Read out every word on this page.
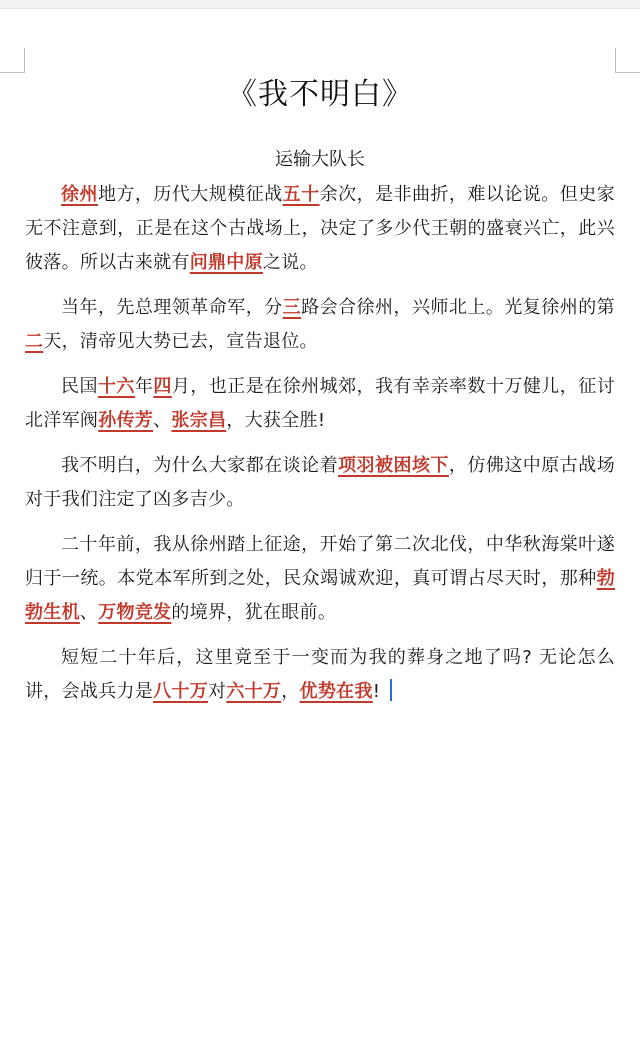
《我不明白》
运输大队长

徐州地方，历代大规模征战五十余次，是非曲折，难以论说。但史家无不注意到，正是在这个古战场上，决定了多少代王朝的盛衰兴亡，此兴彼落。所以古来就有问鼎中原之说。

当年，先总理领革命军，分三路会合徐州，兴师北上。光复徐州的第二天，清帝见大势已去，宣告退位。

民国十六年四月，也正是在徐州城郊，我有幸亲率数十万健儿，征讨北洋军阀孙传芳、张宗昌，大获全胜!

我不明白，为什么大家都在谈论着项羽被困垓下，仿佛这中原古战场对于我们注定了凶多吉少。

二十年前，我从徐州踏上征途，开始了第二次北伐，中华秋海棠叶遂归于一统。本党本军所到之处，民众竭诚欢迎，真可谓占尽天时，那种勃勃生机、万物竞发的境界，犹在眼前。

短短二十年后，这里竟至于一变而为我的葬身之地了吗? 无论怎么讲，会战兵力是八十万对六十万，优势在我!
